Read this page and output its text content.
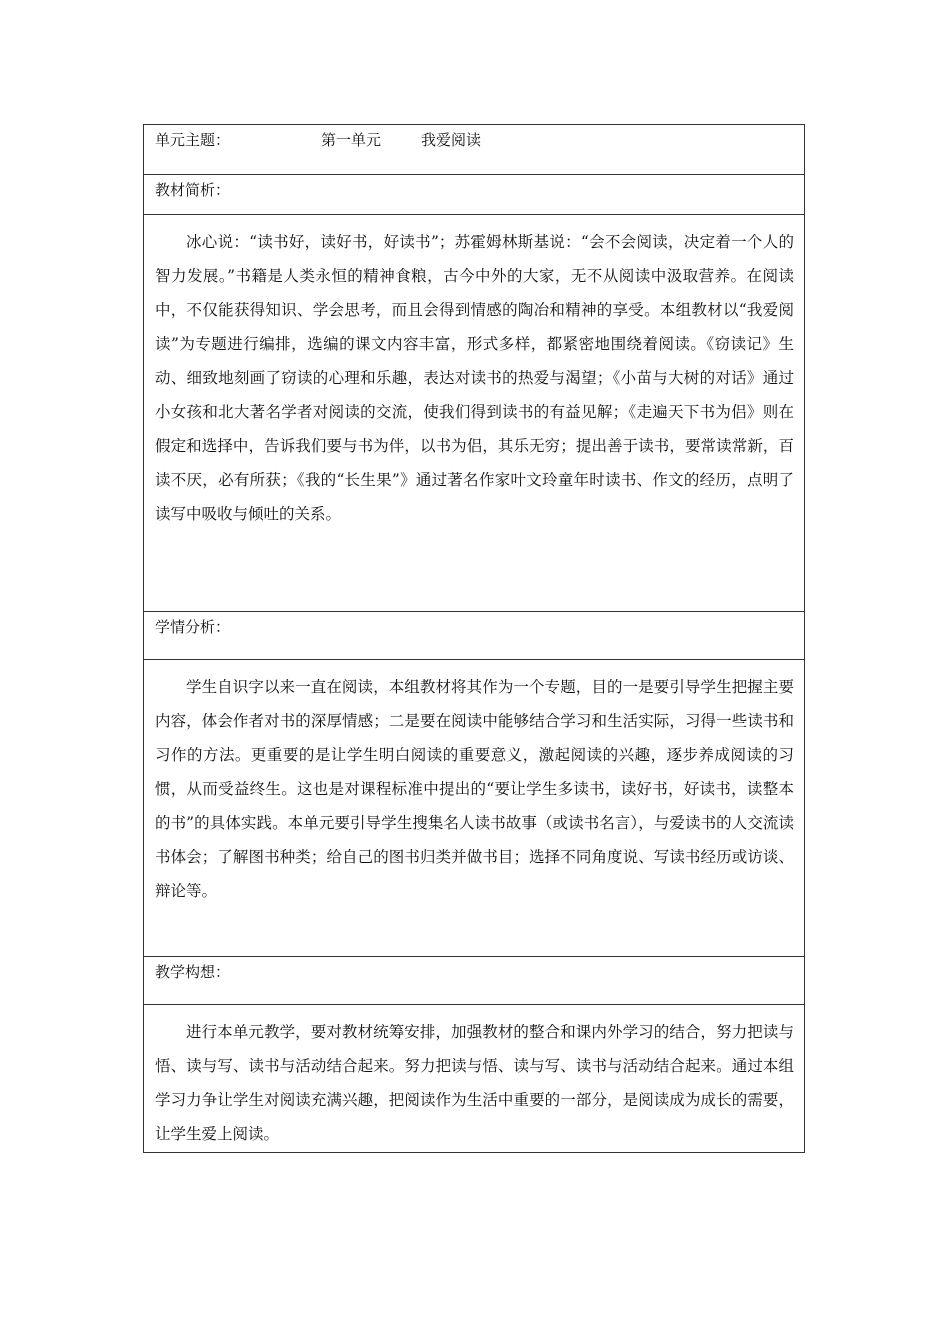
单元主题：	第一单元	我爱阅读

教材简析：
冰心说：“读书好，读好书，好读书”；苏霍姆林斯基说：“会不会阅读，决定着一个人的智力发展。”书籍是人类永恒的精神食粮，古今中外的大家，无不从阅读中汲取营养。在阅读中，不仅能获得知识、学会思考，而且会得到情感的陶冶和精神的享受。本组教材以“我爱阅读”为专题进行编排，选编的课文内容丰富，形式多样，都紧密地围绕着阅读。《窃读记》生动、细致地刻画了窃读的心理和乐趣，表达对读书的热爱与渴望；《小苗与大树的对话》通过小女孩和北大著名学者对阅读的交流，使我们得到读书的有益见解；《走遍天下书为侣》则在假定和选择中，告诉我们要与书为伴，以书为侣，其乐无穷；提出善于读书，要常读常新，百读不厌，必有所获；《我的“长生果”》通过著名作家叶文玲童年时读书、作文的经历，点明了读写中吸收与倾吐的关系。
学情分析：
学生自识字以来一直在阅读，本组教材将其作为一个专题，目的一是要引导学生把握主要内容，体会作者对书的深厚情感；二是要在阅读中能够结合学习和生活实际，习得一些读书和习作的方法。更重要的是让学生明白阅读的重要意义，激起阅读的兴趣，逐步养成阅读的习惯，从而受益终生。这也是对课程标准中提出的“要让学生多读书，读好书，好读书，读整本的书”的具体实践。本单元要引导学生搜集名人读书故事（或读书名言），与爱读书的人交流读书体会；了解图书种类；给自己的图书归类并做书目；选择不同角度说、写读书经历或访谈、辩论等。
教学构想：
进行本单元教学，要对教材统筹安排，加强教材的整合和课内外学习的结合，努力把读与悟、读与写、读书与活动结合起来。努力把读与悟、读与写、读书与活动结合起来。通过本组学习力争让学生对阅读充满兴趣，把阅读作为生活中重要的一部分，是阅读成为成长的需要，让学生爱上阅读。
